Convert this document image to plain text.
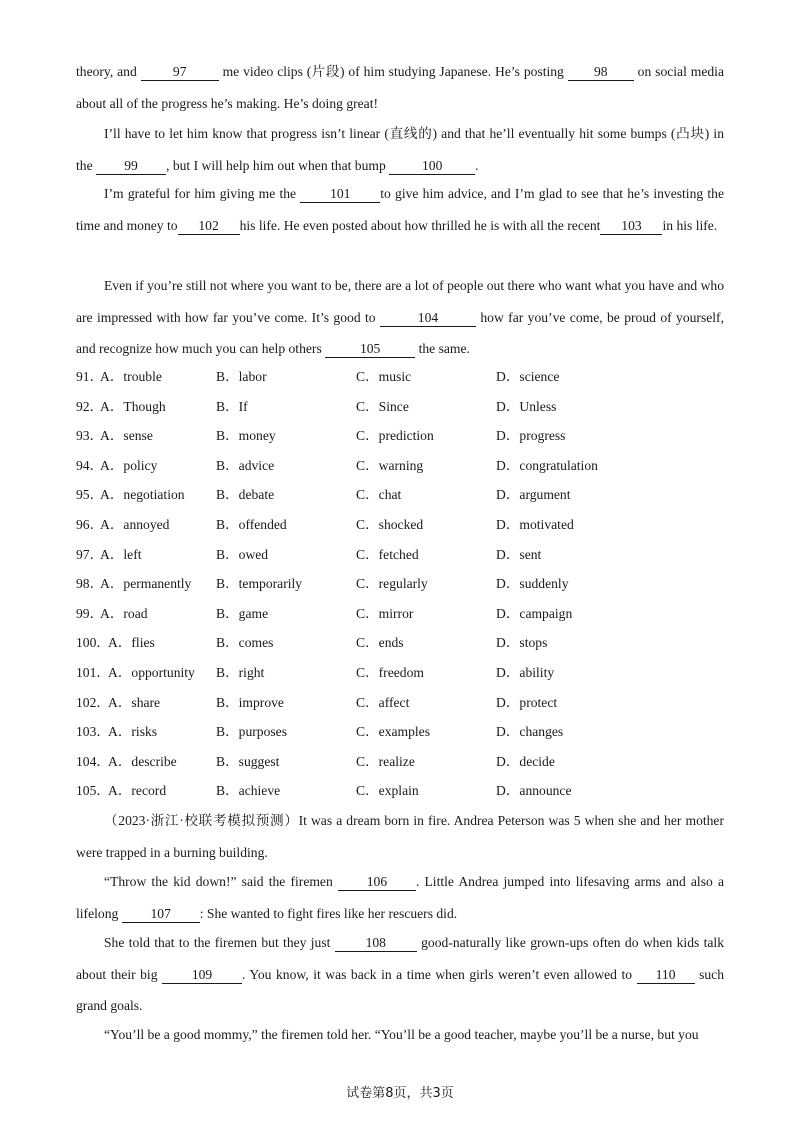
theory, and	97	me video clips (片段) of him studying Japanese. He’s posting 98 on social media about all of the progress he’s making. He’s doing great!

I’ll have to let him know that progress isn’t linear (直线的) and that he’ll eventually hit some bumps (凸块) in the 99 , but I will help him out when that bump	100 .

I’m grateful for him giving me the	101 to give him advice, and I’m glad to see that he’s investing the time and money to 102 his life. He even posted about how thrilled he is with all the recent 103 in his life.

Even if you’re still not where you want to be, there are a lot of people out there who want what you have and who are impressed with how far you’ve come. It’s good to	104	how far you’ve come, be proud of yourself, and recognize how much you can help others	105	the same.

91．
A．trouble	B．labor	C．music	D．science
92．
A．Though	B．If	C．Since	D．Unless
93．
A．sense	B．money	C．prediction	D．progress
94．
A．policy	B．advice	C．warning	D．congratulation
95．
A．negotiation B．debate	C．chat	D．argument
96．
A．annoyed	B．offended	C．shocked	D．motivated
97．
A．left	B．owed	C．fetched	D．sent
98．
A．permanently B．temporarily	C．regularly	D．suddenly
99．
A．road	B．game	C．mirror	D．campaign
100．
A．flies	B．comes	C．ends	D．stops
101．
A．opportunity B．right	C．freedom	D．ability
102．
A．share	B．improve	C．affect	D．protect
103．
A．risks	B．purposes	C．examples	D．changes
104．
A．describe	B．suggest	C．realize	D．decide
105．
A．record	B．achieve	C．explain	D．announce

（2023·浙江·校联考模拟预测）It was a dream born in fire. Andrea Peterson was 5 when she and her mother were trapped in a burning building.

“Throw the kid down!” said the firemen 106 . Little Andrea jumped into lifesaving arms and also a lifelong 107 : She wanted to fight fires like her rescuers did.

She told that to the firemen but they just	108	good-naturally like grown-ups often do when kids talk about their big	109 . You know, it was back in a time when girls weren’t even allowed to 110 such grand goals.

“You’ll be a good mommy,” the firemen told her. “You’ll be a good teacher, maybe you’ll be a nurse, but you

试卷第8页，共3页
